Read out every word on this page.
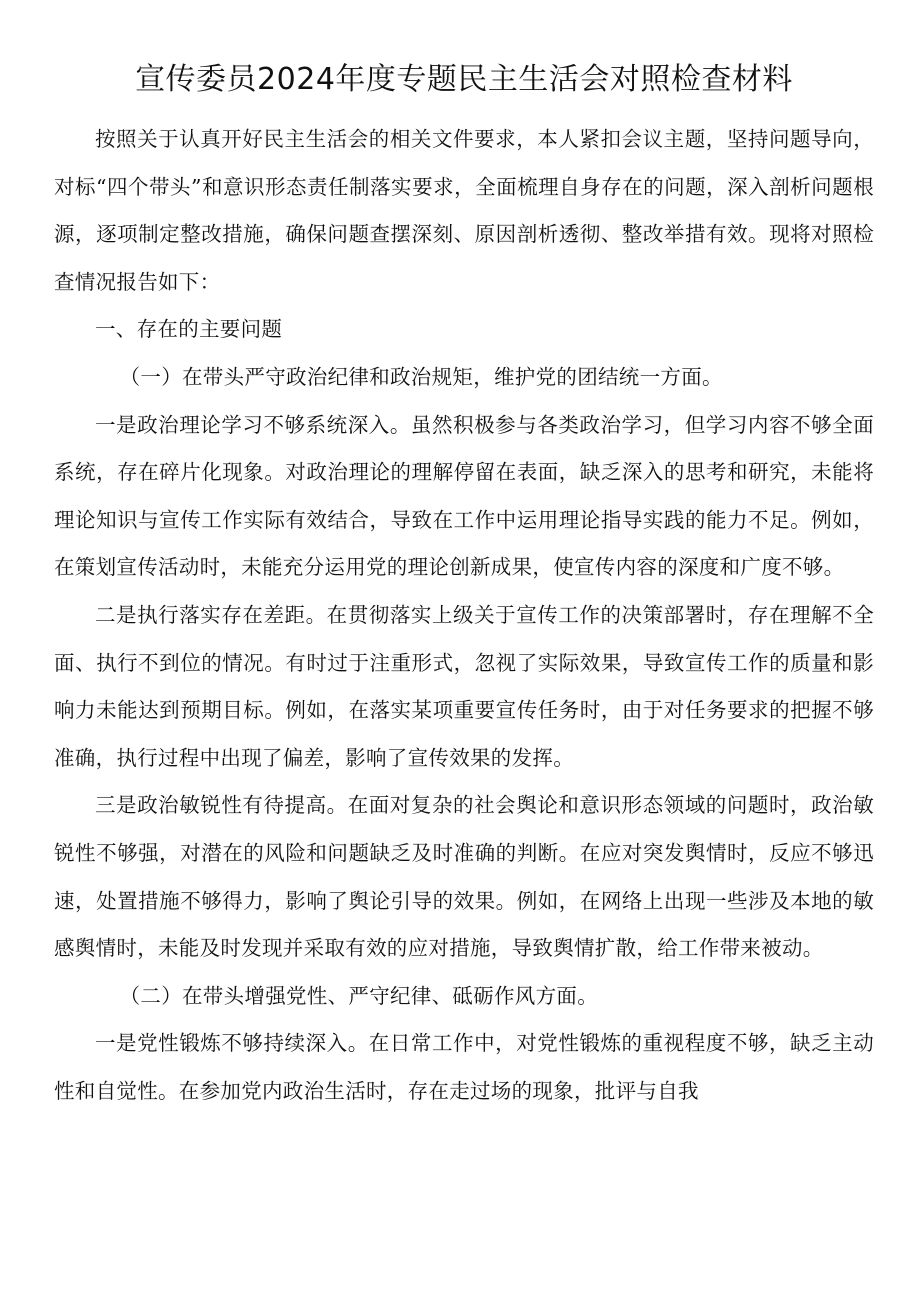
宣传委员2024年度专题民主生活会对照检查材料

按照关于认真开好民主生活会的相关文件要求，本人紧扣会议主题，坚持问题导向，对标“四个带头”和意识形态责任制落实要求，全面梳理自身存在的问题，深入剖析问题根源，逐项制定整改措施，确保问题查摆深刻、原因剖析透彻、整改举措有效。现将对照检查情况报告如下：

一、存在的主要问题

（一）在带头严守政治纪律和政治规矩，维护党的团结统一方面。

一是政治理论学习不够系统深入。虽然积极参与各类政治学习，但学习内容不够全面系统，存在碎片化现象。对政治理论的理解停留在表面，缺乏深入的思考和研究，未能将理论知识与宣传工作实际有效结合，导致在工作中运用理论指导实践的能力不足。例如，在策划宣传活动时，未能充分运用党的理论创新成果，使宣传内容的深度和广度不够。

二是执行落实存在差距。在贯彻落实上级关于宣传工作的决策部署时，存在理解不全面、执行不到位的情况。有时过于注重形式，忽视了实际效果，导致宣传工作的质量和影响力未能达到预期目标。例如，在落实某项重要宣传任务时，由于对任务要求的把握不够准确，执行过程中出现了偏差，影响了宣传效果的发挥。

三是政治敏锐性有待提高。在面对复杂的社会舆论和意识形态领域的问题时，政治敏锐性不够强，对潜在的风险和问题缺乏及时准确的判断。在应对突发舆情时，反应不够迅速，处置措施不够得力，影响了舆论引导的效果。例如，在网络上出现一些涉及本地的敏感舆情时，未能及时发现并采取有效的应对措施，导致舆情扩散，给工作带来被动。

（二）在带头增强党性、严守纪律、砥砺作风方面。

一是党性锻炼不够持续深入。在日常工作中，对党性锻炼的重视程度不够，缺乏主动性和自觉性。在参加党内政治生活时，存在走过场的现象，批评与自我
